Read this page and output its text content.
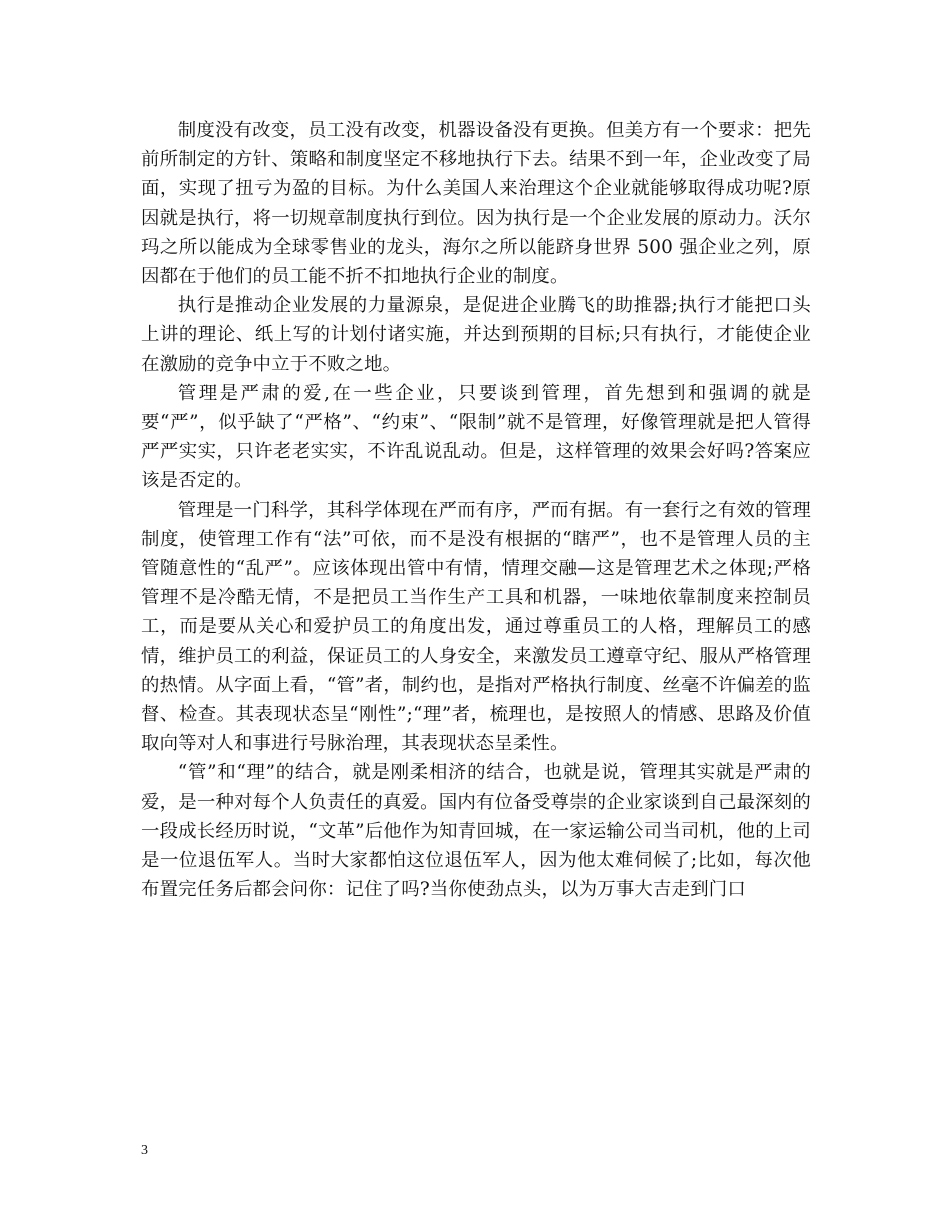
制度没有改变，员工没有改变，机器设备没有更换。但美方有一个要求：把先前所制定的方针、策略和制度坚定不移地执行下去。结果不到一年，企业改变了局面，实现了扭亏为盈的目标。为什么美国人来治理这个企业就能够取得成功呢?原因就是执行，将一切规章制度执行到位。因为执行是一个企业发展的原动力。沃尔玛之所以能成为全球零售业的龙头，海尔之所以能跻身世界 500 强企业之列，原因都在于他们的员工能不折不扣地执行企业的制度。

执行是推动企业发展的力量源泉，是促进企业腾飞的助推器;执行才能把口头上讲的理论、纸上写的计划付诸实施，并达到预期的目标;只有执行，才能使企业在激励的竞争中立于不败之地。

管理是严肃的爱,在一些企业，只要谈到管理，首先想到和强调的就是要“严”，似乎缺了“严格”、“约束”、“限制”就不是管理，好像管理就是把人管得严严实实，只许老老实实，不许乱说乱动。但是，这样管理的效果会好吗?答案应该是否定的。

管理是一门科学，其科学体现在严而有序，严而有据。有一套行之有效的管理制度，使管理工作有“法”可依，而不是没有根据的“瞎严”，也不是管理人员的主管随意性的“乱严”。应该体现出管中有情，情理交融—这是管理艺术之体现;严格管理不是冷酷无情，不是把员工当作生产工具和机器，一味地依靠制度来控制员工，而是要从关心和爱护员工的角度出发，通过尊重员工的人格，理解员工的感情，维护员工的利益，保证员工的人身安全，来激发员工遵章守纪、服从严格管理的热情。从字面上看，“管”者，制约也，是指对严格执行制度、丝毫不许偏差的监督、检查。其表现状态呈“刚性”;“理”者，梳理也，是按照人的情感、思路及价值取向等对人和事进行号脉治理，其表现状态呈柔性。

“管”和“理”的结合，就是刚柔相济的结合，也就是说，管理其实就是严肃的爱，是一种对每个人负责任的真爱。国内有位备受尊崇的企业家谈到自己最深刻的一段成长经历时说，“文革”后他作为知青回城，在一家运输公司当司机，他的上司是一位退伍军人。当时大家都怕这位退伍军人，因为他太难伺候了;比如，每次他布置完任务后都会问你：记住了吗?当你使劲点头，以为万事大吉走到门口

3
